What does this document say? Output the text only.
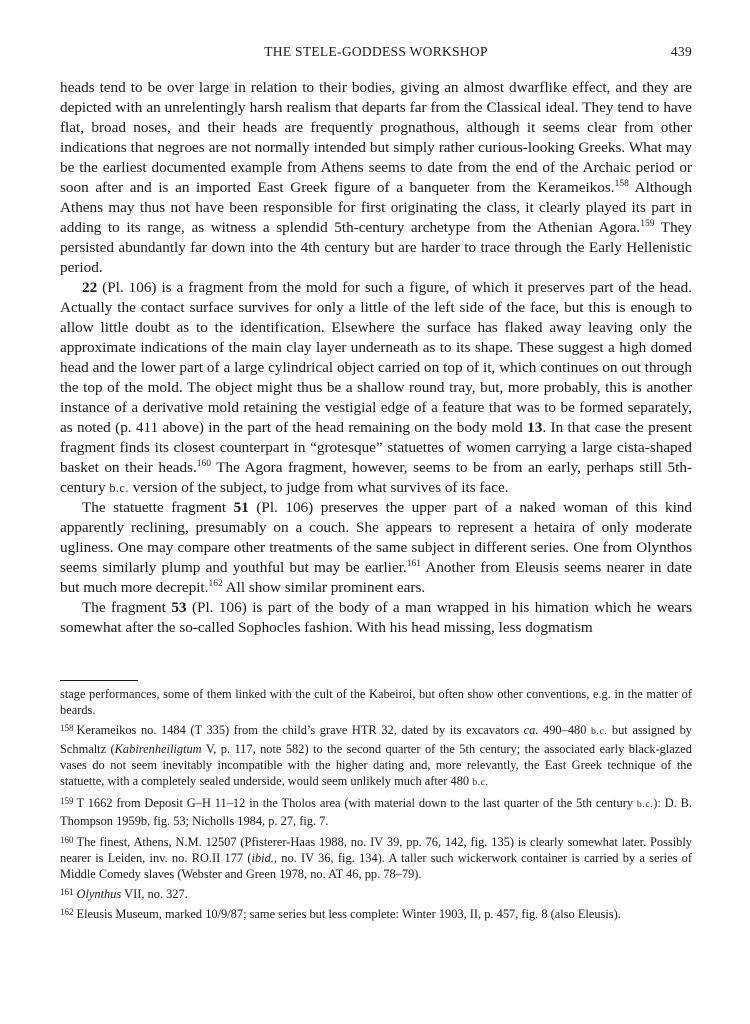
THE STELE-GODDESS WORKSHOP	439

heads tend to be over large in relation to their bodies, giving an almost dwarflike effect, and they are depicted with an unrelentingly harsh realism that departs far from the Classical ideal. They tend to have flat, broad noses, and their heads are frequently prognathous, although it seems clear from other indications that negroes are not normally intended but simply rather curious-looking Greeks. What may be the earliest documented example from Athens seems to date from the end of the Archaic period or soon after and is an imported East Greek figure of a banqueter from the Kerameikos.$^{158}$ Although Athens may thus not have been responsible for first originating the class, it clearly played its part in adding to its range, as witness a splendid 5th-century archetype from the Athenian Agora.$^{159}$ They persisted abundantly far down into the 4th century but are harder to trace through the Early Hellenistic period.

22 (Pl. 106) is a fragment from the mold for such a figure, of which it preserves part of the head. Actually the contact surface survives for only a little of the left side of the face, but this is enough to allow little doubt as to the identification. Elsewhere the surface has flaked away leaving only the approximate indications of the main clay layer underneath as to its shape. These suggest a high domed head and the lower part of a large cylindrical object carried on top of it, which continues on out through the top of the mold. The object might thus be a shallow round tray, but, more probably, this is another instance of a derivative mold retaining the vestigial edge of a feature that was to be formed separately, as noted (p. 411 above) in the part of the head remaining on the body mold 13. In that case the present fragment finds its closest counterpart in “grotesque” statuettes of women carrying a large cista-shaped basket on their heads.$^{160}$ The Agora fragment, however, seems to be from an early, perhaps still 5th-century b.c. version of the subject, to judge from what survives of its face.

The statuette fragment 51 (Pl. 106) preserves the upper part of a naked woman of this kind apparently reclining, presumably on a couch. She appears to represent a hetaira of only moderate ugliness. One may compare other treatments of the same subject in different series. One from Olynthos seems similarly plump and youthful but may be earlier.$^{161}$ Another from Eleusis seems nearer in date but much more decrepit.$^{162}$ All show similar prominent ears.

The fragment 53 (Pl. 106) is part of the body of a man wrapped in his himation which he wears somewhat after the so-called Sophocles fashion. With his head missing, less dogmatism

stage performances, some of them linked with the cult of the Kabeiroi, but often show other conventions, e.g. in the matter of beards.

$^{158}$ Kerameikos no. 1484 (T 335) from the child’s grave HTR 32, dated by its excavators ca. 490–480 b.c. but assigned by Schmaltz (Kabirenheiligtum V, p. 117, note 582) to the second quarter of the 5th century; the associated early black-glazed vases do not seem inevitably incompatible with the higher dating and, more relevantly, the East Greek technique of the statuette, with a completely sealed underside, would seem unlikely much after 480 b.c.

$^{159}$ T 1662 from Deposit G–H 11–12 in the Tholos area (with material down to the last quarter of the 5th century b.c.): D. B. Thompson 1959b, fig. 53; Nicholls 1984, p. 27, fig. 7.

$^{160}$ The finest, Athens, N.M. 12507 (Pfisterer-Haas 1988, no. IV 39, pp. 76, 142, fig. 135) is clearly somewhat later. Possibly nearer is Leiden, inv. no. RO.II 177 (ibid., no. IV 36, fig. 134). A taller such wickerwork container is carried by a series of Middle Comedy slaves (Webster and Green 1978, no. AT 46, pp. 78–79).

$^{161}$ Olynthus VII, no. 327.

$^{162}$ Eleusis Museum, marked 10/9/87; same series but less complete: Winter 1903, II, p. 457, fig. 8 (also Eleusis).
